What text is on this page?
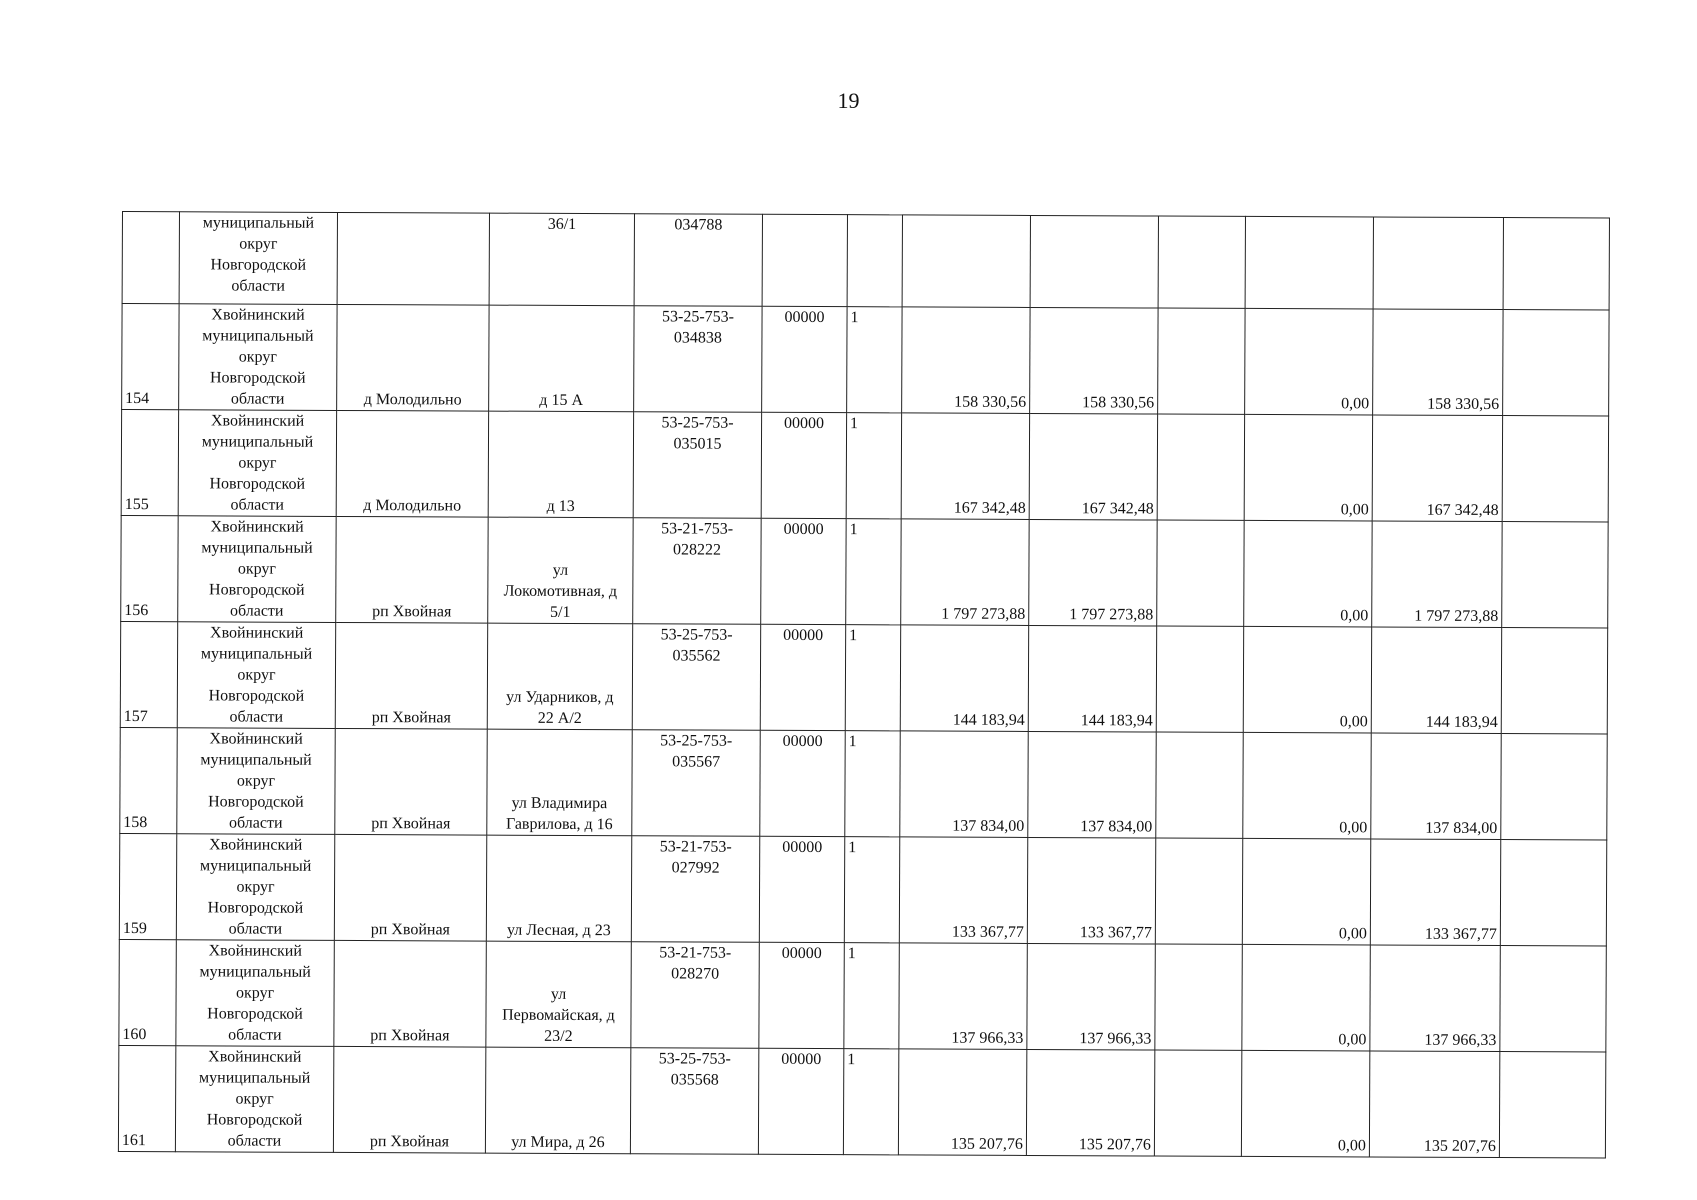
19

	муниципальный
округ
Новгородской
области		36/1	034788								
154	Хвойнинский
муниципальный
округ
Новгородской
области	д Молодильно	д 15 А	53-25-753-
034838	00000	1	158 330,56	158 330,56		0,00	158 330,56	
155	Хвойнинский
муниципальный
округ
Новгородской
области	д Молодильно	д 13	53-25-753-
035015	00000	1	167 342,48	167 342,48		0,00	167 342,48	
156	Хвойнинский
муниципальный
округ
Новгородской
области	рп Хвойная	ул
Локомотивная, д
5/1	53-21-753-
028222	00000	1	1 797 273,88	1 797 273,88		0,00	1 797 273,88	
157	Хвойнинский
муниципальный
округ
Новгородской
области	рп Хвойная	ул Ударников, д
22 А/2	53-25-753-
035562	00000	1	144 183,94	144 183,94		0,00	144 183,94	
158	Хвойнинский
муниципальный
округ
Новгородской
области	рп Хвойная	ул Владимира
Гаврилова, д 16	53-25-753-
035567	00000	1	137 834,00	137 834,00		0,00	137 834,00	
159	Хвойнинский
муниципальный
округ
Новгородской
области	рп Хвойная	ул Лесная, д 23	53-21-753-
027992	00000	1	133 367,77	133 367,77		0,00	133 367,77	
160	Хвойнинский
муниципальный
округ
Новгородской
области	рп Хвойная	ул
Первомайская, д
23/2	53-21-753-
028270	00000	1	137 966,33	137 966,33		0,00	137 966,33	
161	Хвойнинский
муниципальный
округ
Новгородской
области	рп Хвойная	ул Мира, д 26	53-25-753-
035568	00000	1	135 207,76	135 207,76		0,00	135 207,76	
